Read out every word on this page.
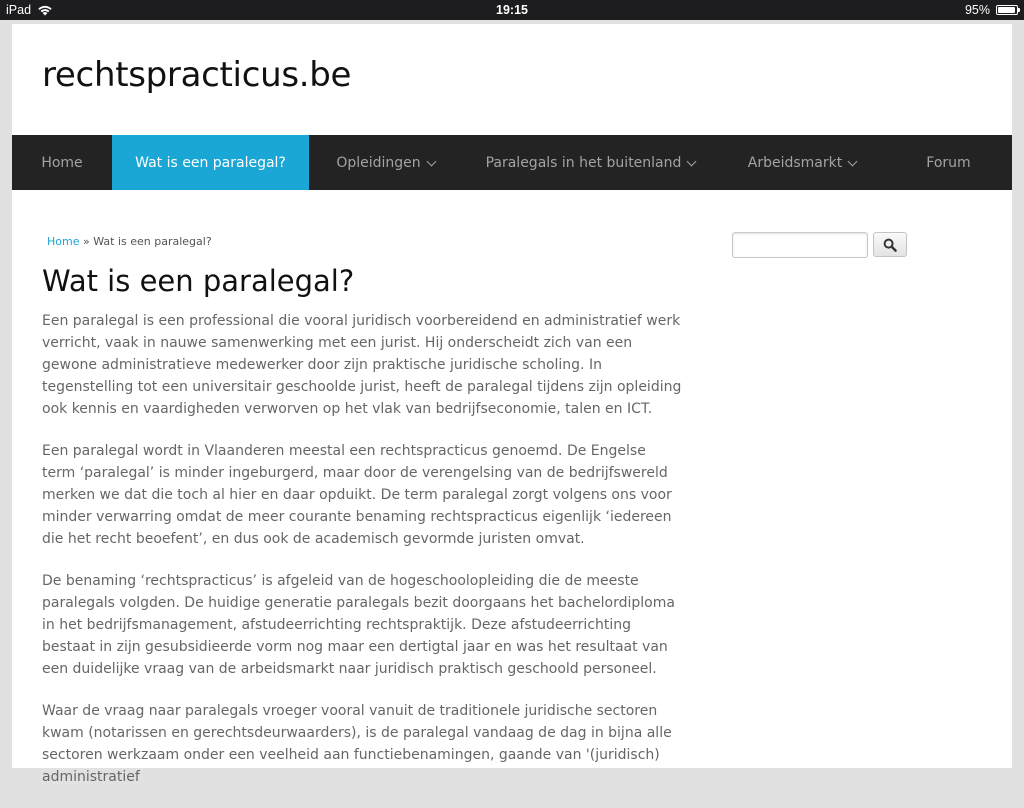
iPad	19:15	95%
rechtspracticus.be
Home	Wat is een paralegal?	Opleidingen	Paralegals in het buitenland	Arbeidsmarkt	Forum
Home » Wat is een paralegal?
Wat is een paralegal?

Een paralegal is een professional die vooral juridisch voorbereidend en administratief werk verricht, vaak in nauwe samenwerking met een jurist. Hij onderscheidt zich van een gewone administratieve medewerker door zijn praktische juridische scholing. In tegenstelling tot een universitair geschoolde jurist, heeft de paralegal tijdens zijn opleiding ook kennis en vaardigheden verworven op het vlak van bedrijfseconomie, talen en ICT.

Een paralegal wordt in Vlaanderen meestal een rechtspracticus genoemd. De Engelse term ‘paralegal’ is minder ingeburgerd, maar door de verengelsing van de bedrijfswereld merken we dat die toch al hier en daar opduikt. De term paralegal zorgt volgens ons voor minder verwarring omdat de meer courante benaming rechtspracticus eigenlijk ‘iedereen die het recht beoefent’, en dus ook de academisch gevormde juristen omvat.

De benaming ‘rechtspracticus’ is afgeleid van de hogeschoolopleiding die de meeste paralegals volgden. De huidige generatie paralegals bezit doorgaans het bachelordiploma in het bedrijfsmanagement, afstudeerrichting rechtspraktijk. Deze afstudeerrichting bestaat in zijn gesubsidieerde vorm nog maar een dertigtal jaar en was het resultaat van een duidelijke vraag van de arbeidsmarkt naar juridisch praktisch geschoold personeel.

Waar de vraag naar paralegals vroeger vooral vanuit de traditionele juridische sectoren kwam (notarissen en gerechtsdeurwaarders), is de paralegal vandaag de dag in bijna alle sectoren werkzaam onder een veelheid aan functiebenamingen, gaande van '(juridisch) administratief
